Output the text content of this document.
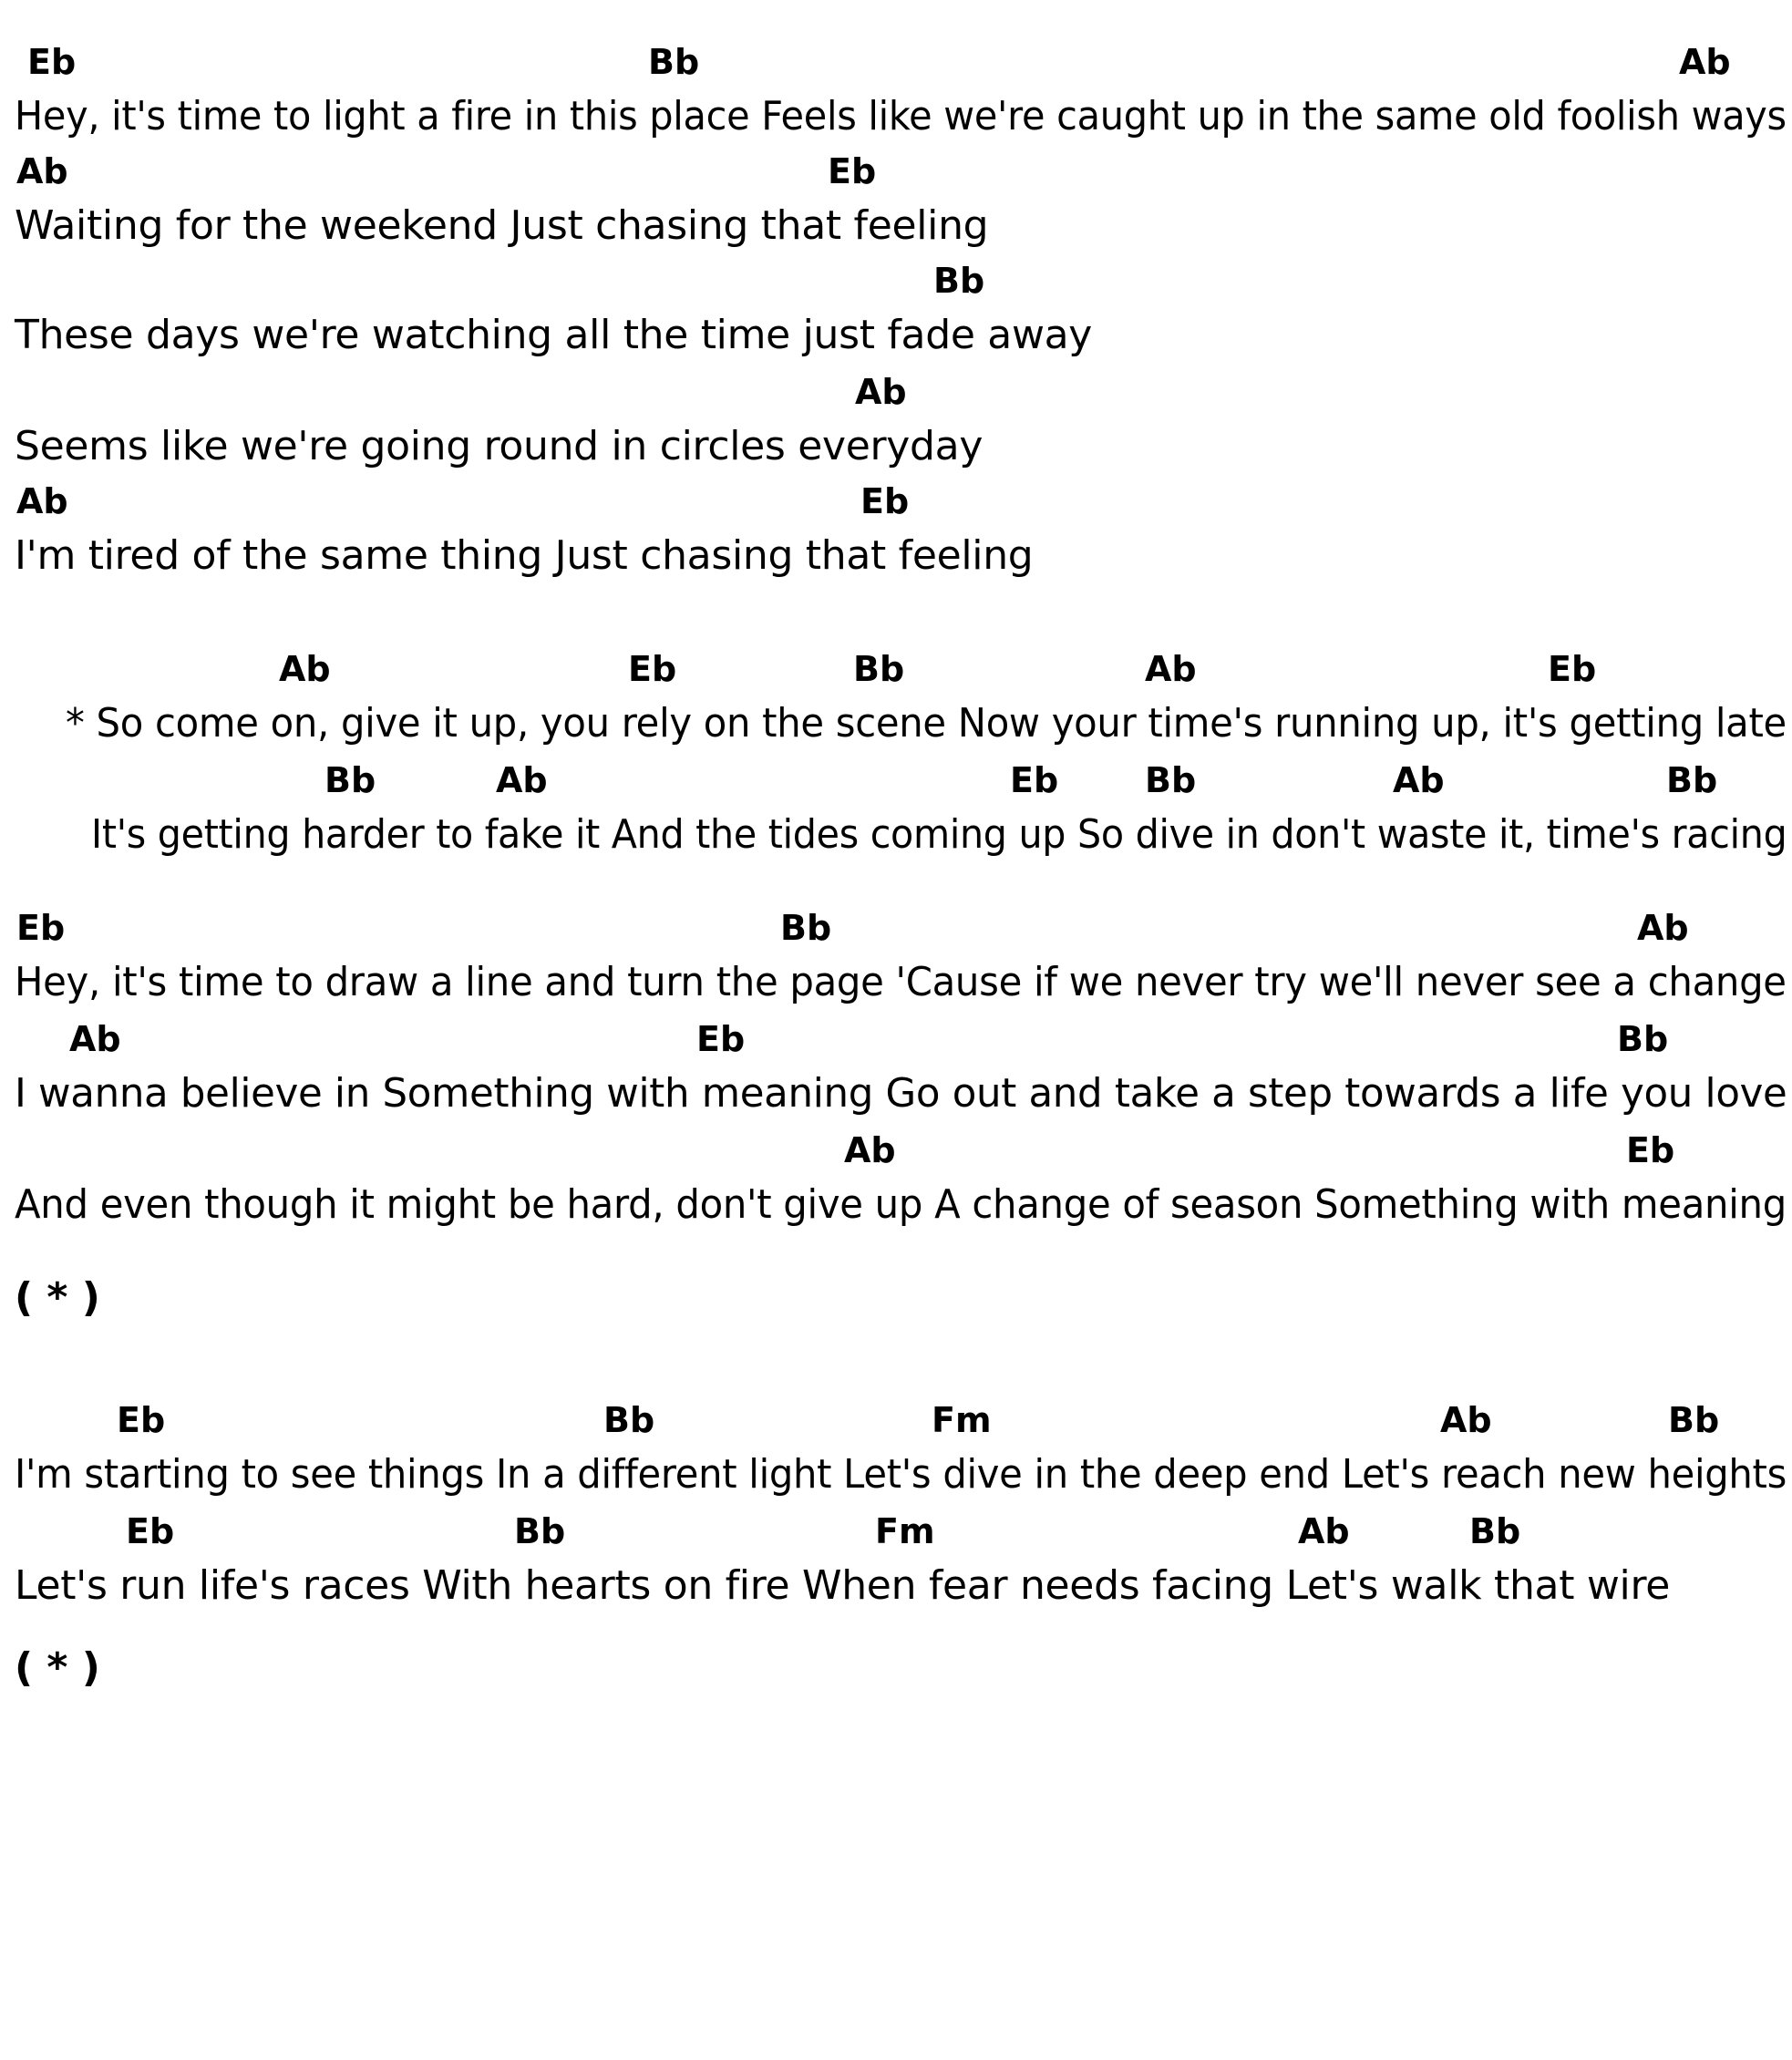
Eb	Bb	Ab
Hey, it's time to light a fire in this place Feels like we're caught up in the same old foolish ways
Ab	Eb
Waiting for the weekend Just chasing that feeling
Bb
These days we're watching all the time just fade away
Ab
Seems like we're going round in circles everyday
Ab	Eb
I'm tired of the same thing Just chasing that feeling
Ab	Eb	Bb	Ab	Eb
* So come on, give it up, you rely on the scene Now your time's running up, it's getting late
Bb	Ab	Eb Bb	Ab	Bb
It's getting harder to fake it And the tides coming up So dive in don't waste it, time's racing
Eb	Bb	Ab
Hey, it's time to draw a line and turn the page 'Cause if we never try we'll never see a change
Ab	Eb	Bb
I wanna believe in Something with meaning Go out and take a step towards a life you love
Ab	Eb
And even though it might be hard, don't give up A change of season Something with meaning
( * )
Eb	Bb	Fm	Ab	Bb
I'm starting to see things In a different light Let's dive in the deep end Let's reach new heights
Eb	Bb	Fm	Ab	Bb
Let's run life's races With hearts on fire When fear needs facing Let's walk that wire
( * )
